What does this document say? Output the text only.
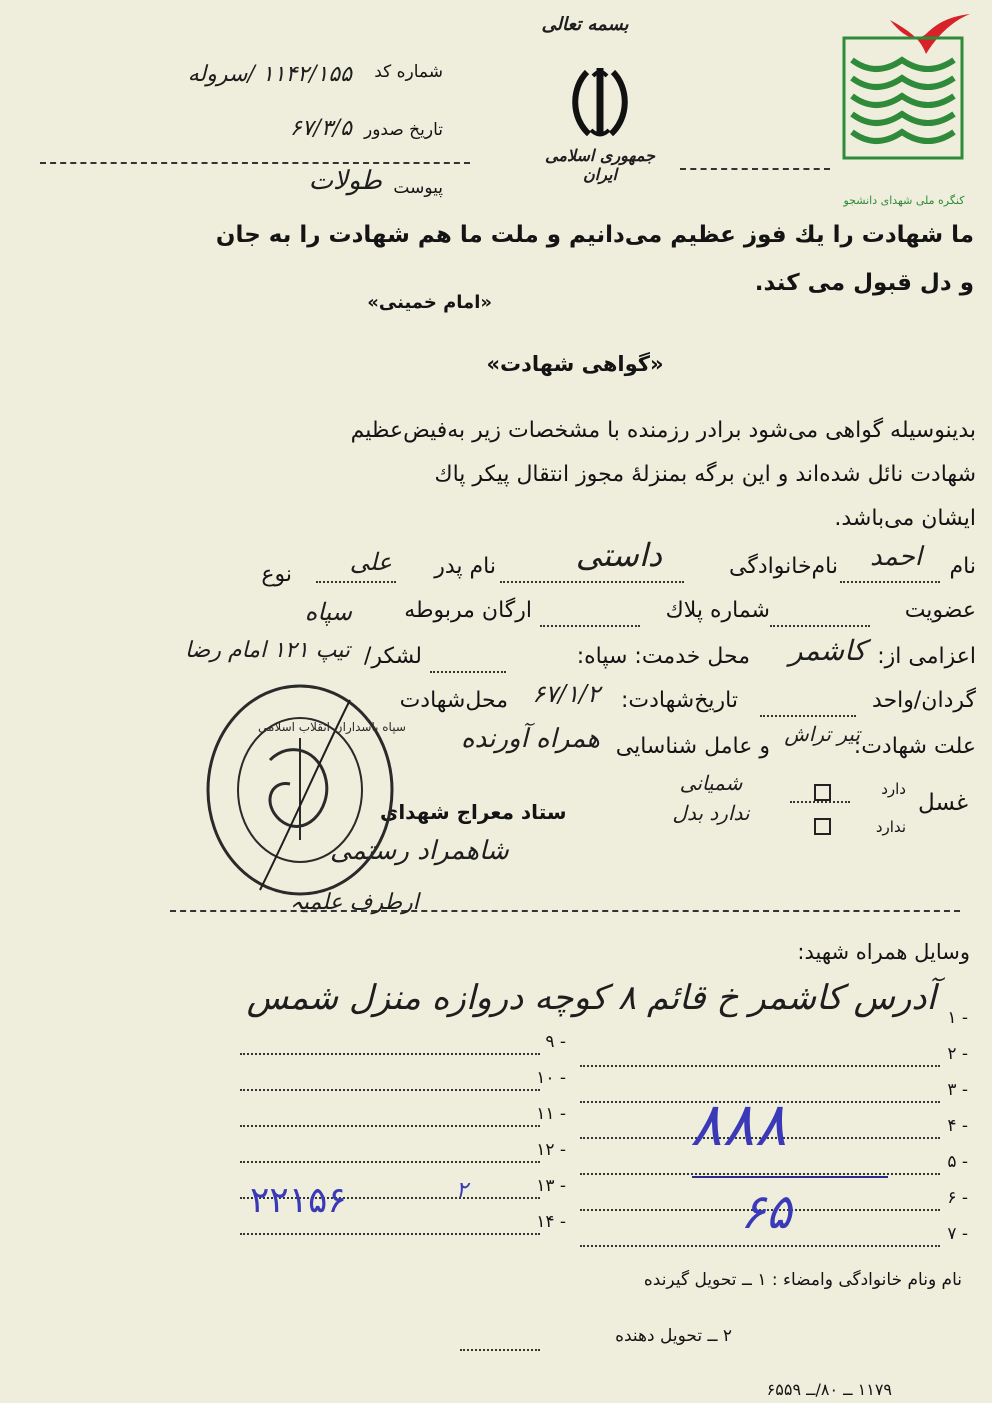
بسمه تعالی
جمهوری اسلامی ایران
شماره کد
۱۱۴۲/۱۵۵ /سروله
تاریخ صدور
۶۷/۳/۵
پیوست
طولات
کنگره ملی شهدای دانشجو
ما شهادت را یك فوز عظیم می‌دانیم و ملت ما هم شهادت را به جان
و دل قبول می کند.
«امام خمینی»
«گواهی شهادت»
بدینوسیله گواهی می‌شود برادر رزمنده با مشخصات زیر به‌فیض‌عظیم
شهادت نائل شده‌اند و این برگه بمنزلهٔ مجوز انتقال پیکر پاك
ایشان می‌باشد.
نام
احمد
نام‌خانوادگی
داستی
نام پدر
علی
نوع
عضویت
شماره پلاك
ارگان مربوطه
سپاه
اعزامی از:
کاشمر
محل خدمت: سپاه:
لشکر/
تیپ ۱۲۱ امام رضا
گردان/واحد
تاریخ‌شهادت:
۶۷/۱/۲
محل‌شهادت
علت شهادت:
تیر تراش
و عامل شناسایی
همراه آورنده
غسل
دارد
ندارد
شمیانی ندارد بدل
ستاد معراج شهدای
شاهمراد رستمی
سپاه پاسداران انقلاب اسلامی
ارطرف علمیہ
وسایل همراه شهید:
آدرس کاشمر خ قائم ۸ کوچه دروازه منزل شمس - ۱
- ۲
- ۳
- ۴
- ۵
- ۶
- ۷
- ۹
- ۱۰
- ۱۱
- ۱۲
- ۱۳
- ۱۴
۲۲۱۵۶	۲
۸۸۸
۶۵
نام ونام خانوادگی وامضاء : ۱ ــ تحویل گیرنده
۲ ــ تحویل دهنده
۱۱۷۹ ــ ۸۰/ــ ۶۵۵۹
